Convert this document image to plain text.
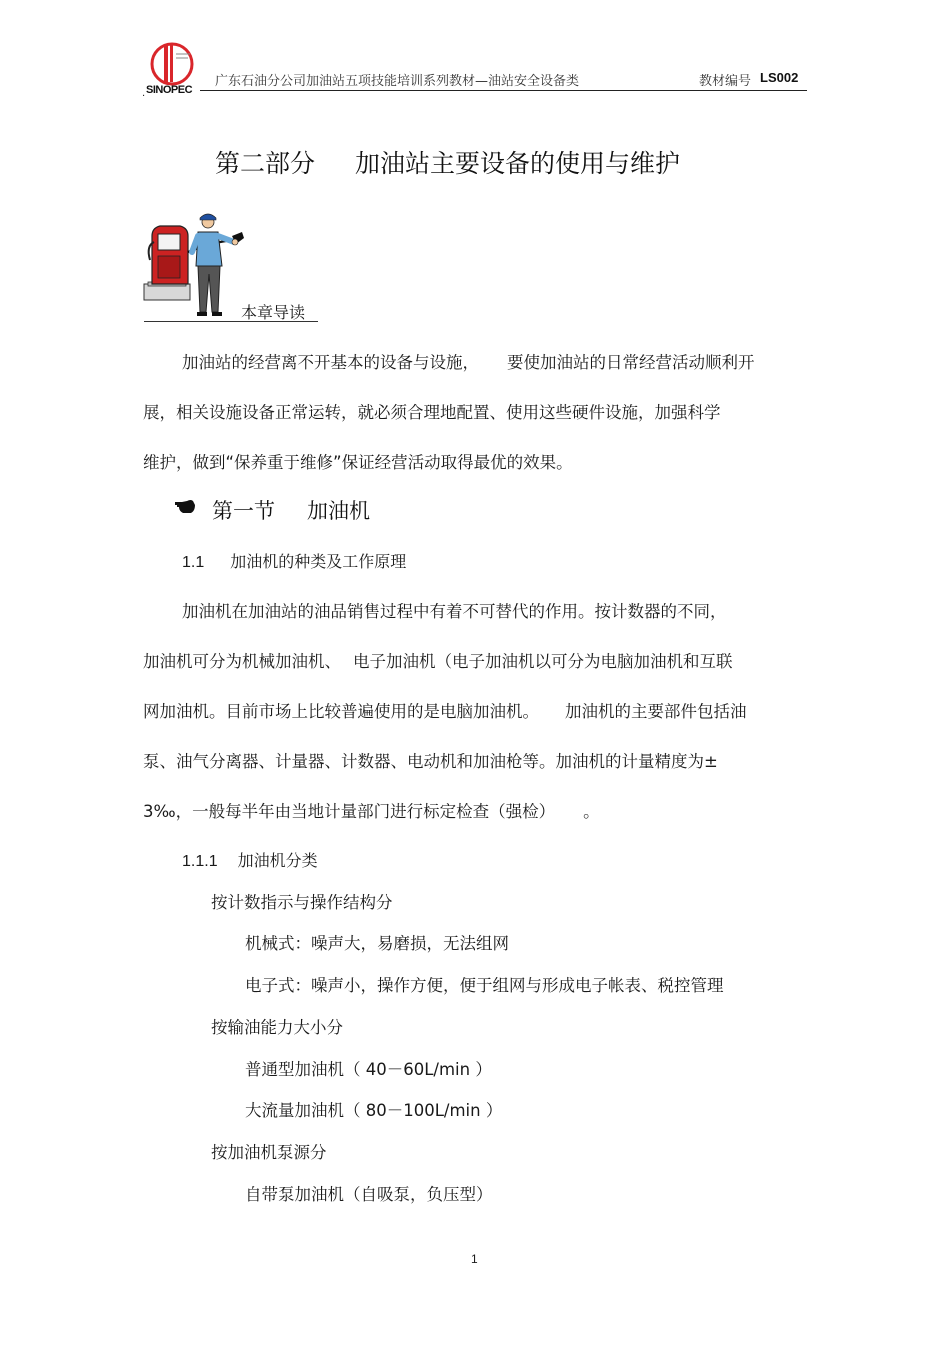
SINOPEC
.
广东石油分公司加油站五项技能培训系列教材—油站安全设备类	教材编号 LS002
第二部分 加油站主要设备的使用与维护
本章导读
加油站的经营离不开基本的设备与设施， 要使加油站的日常经营活动顺利开
展，相关设施设备正常运转，就必须合理地配置、使用这些硬件设施，加强科学
维护，做到“保养重于维修”保证经营活动取得最优的效果。
第一节 加油机
1.1 加油机的种类及工作原理
加油机在加油站的油品销售过程中有着不可替代的作用。按计数器的不同，
加油机可分为机械加油机、 电子加油机（电子加油机以可分为电脑加油机和互联
网加油机。目前市场上比较普遍使用的是电脑加油机。 加油机的主要部件包括油
泵、油气分离器、计量器、计数器、电动机和加油枪等。加油机的计量精度为±
3‰，一般每半年由当地计量部门进行标定检查（强检） 。
1.1.1 加油机分类
按计数指示与操作结构分
机械式：噪声大，易磨损，无法组网
电子式：噪声小，操作方便，便于组网与形成电子帐表、税控管理
按输油能力大小分
普通型加油机（ 40－60L/min ）
大流量加油机（ 80－100L/min ）
按加油机泵源分
自带泵加油机（自吸泵，负压型）
1
